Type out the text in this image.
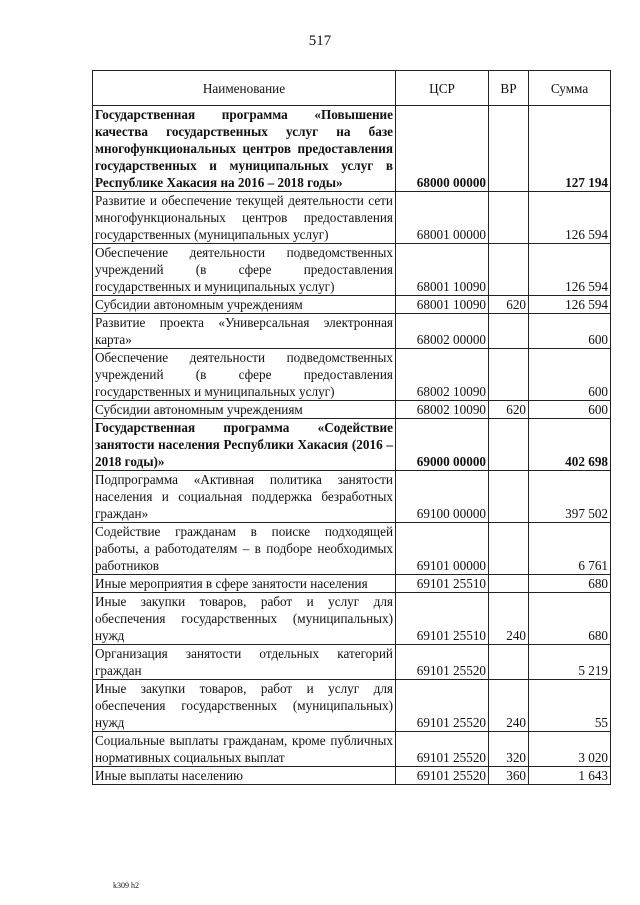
517
Наименование	ЦСР	ВР	Сумма
Государственная программа «Повышение качества государственных услуг на базе многофункциональных центров предоставления государственных и муниципальных услуг в Республике Хакасия на 2016 – 2018 годы»	68000 00000		127 194
Развитие и обеспечение текущей деятельности сети многофункциональных центров предоставления государственных (муниципальных услуг)	68001 00000		126 594
Обеспечение деятельности подведомственных учреждений (в сфере предоставления государственных и муниципальных услуг)	68001 10090		126 594
Субсидии автономным учреждениям	68001 10090	620	126 594
Развитие проекта «Универсальная электронная карта»	68002 00000		600
Обеспечение деятельности подведомственных учреждений (в сфере предоставления государственных и муниципальных услуг)	68002 10090		600
Субсидии автономным учреждениям	68002 10090	620	600
Государственная программа «Содействие занятости населения Республики Хакасия (2016 – 2018 годы)»	69000 00000		402 698
Подпрограмма «Активная политика занятости населения и социальная поддержка безработных граждан»	69100 00000		397 502
Содействие гражданам в поиске подходящей работы, а работодателям – в подборе необходимых работников	69101 00000		6 761
Иные мероприятия в сфере занятости населения	69101 25510		680
Иные закупки товаров, работ и услуг для обеспечения государственных (муниципальных) нужд	69101 25510	240	680
Организация занятости отдельных категорий граждан	69101 25520		5 219
Иные закупки товаров, работ и услуг для обеспечения государственных (муниципальных) нужд	69101 25520	240	55
Социальные выплаты гражданам, кроме публичных нормативных социальных выплат	69101 25520	320	3 020
Иные выплаты населению	69101 25520	360	1 643
k309 h2
